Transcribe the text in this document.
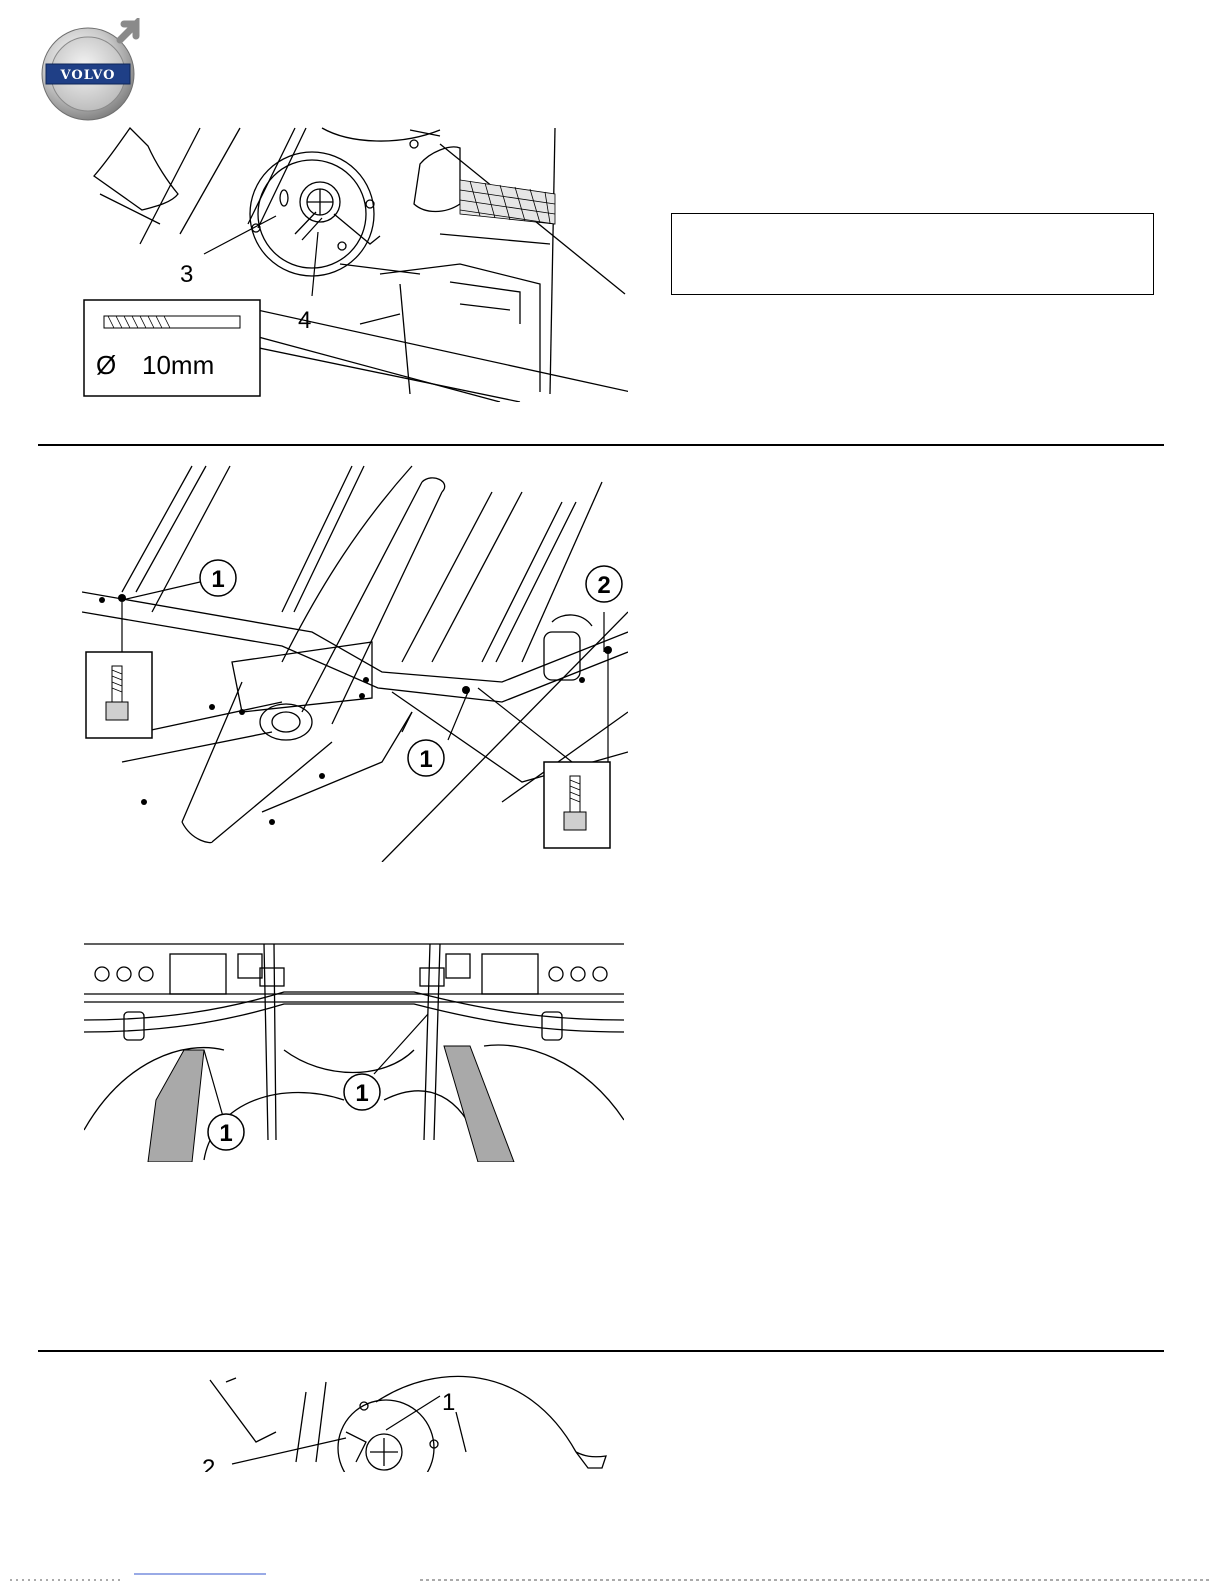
VOLVO
3
4
Ø 10mm
1
1
2
1
1
2
1
